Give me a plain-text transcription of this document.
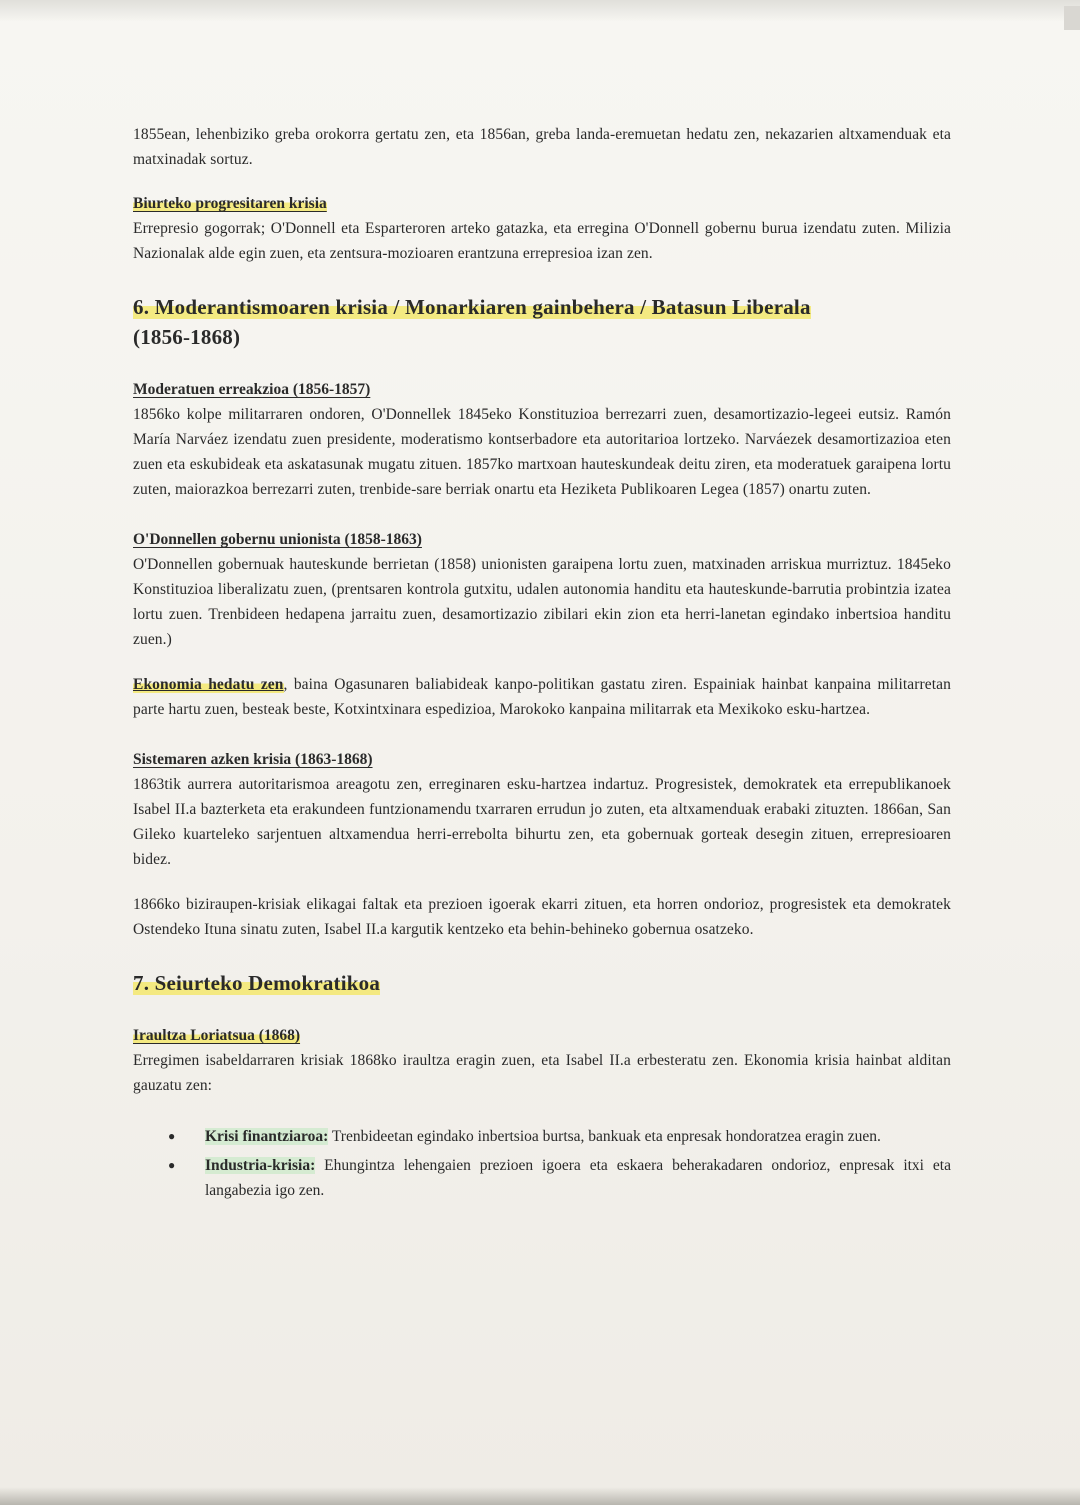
1855ean, lehenbiziko greba orokorra gertatu zen, eta 1856an, greba landa-eremuetan hedatu zen, nekazarien altxamenduak eta matxinadak sortuz.

Biurteko progresitaren krisia

Errepresio gogorrak; O'Donnell eta Esparteroren arteko gatazka, eta erregina O'Donnell gobernu burua izendatu zuten. Milizia Nazionalak alde egin zuen, eta zentsura-mozioaren erantzuna errepresioa izan zen.

6. Moderantismoaren krisia / Monarkiaren gainbehera / Batasun Liberala
(1856-1868)
Moderatuen erreakzioa (1856-1857)

1856ko kolpe militarraren ondoren, O'Donnellek 1845eko Konstituzioa berrezarri zuen, desamortizazio-legeei eutsiz. Ramón María Narváez izendatu zuen presidente, moderatismo kontserbadore eta autoritarioa lortzeko. Narváezek desamortizazioa eten zuen eta eskubideak eta askatasunak mugatu zituen. 1857ko martxoan hauteskundeak deitu ziren, eta moderatuek garaipena lortu zuten, maiorazkoa berrezarri zuten, trenbide-sare berriak onartu eta Heziketa Publikoaren Legea (1857) onartu zuten.

O'Donnellen gobernu unionista (1858-1863)

O'Donnellen gobernuak hauteskunde berrietan (1858) unionisten garaipena lortu zuen, matxinaden arriskua murriztuz. 1845eko Konstituzioa liberalizatu zuen, (prentsaren kontrola gutxitu, udalen autonomia handitu eta hauteskunde-barrutia probintzia izatea lortu zuen. Trenbideen hedapena jarraitu zuen, desamortizazio zibilari ekin zion eta herri-lanetan egindako inbertsioa handitu zuen.)

Ekonomia hedatu zen, baina Ogasunaren baliabideak kanpo-politikan gastatu ziren. Espainiak hainbat kanpaina militarretan parte hartu zuen, besteak beste, Kotxintxinara espedizioa, Marokoko kanpaina militarrak eta Mexikoko esku-hartzea.

Sistemaren azken krisia (1863-1868)

1863tik aurrera autoritarismoa areagotu zen, erreginaren esku-hartzea indartuz. Progresistek, demokratek eta errepublikanoek Isabel II.a bazterketa eta erakundeen funtzionamendu txarraren errudun jo zuten, eta altxamenduak erabaki zituzten. 1866an, San Gileko kuarteleko sarjentuen altxamendua herri-errebolta bihurtu zen, eta gobernuak gorteak desegin zituen, errepresioaren bidez.

1866ko biziraupen-krisiak elikagai faltak eta prezioen igoerak ekarri zituen, eta horren ondorioz, progresistek eta demokratek Ostendeko Ituna sinatu zuten, Isabel II.a kargutik kentzeko eta behin-behineko gobernua osatzeko.

7. Seiurteko Demokratikoa
Iraultza Loriatsua (1868)

Erregimen isabeldarraren krisiak 1868ko iraultza eragin zuen, eta Isabel II.a erbesteratu zen. Ekonomia krisia hainbat alditan gauzatu zen:

● Krisi finantziaroa: Trenbideetan egindako inbertsioa burtsa, bankuak eta enpresak hondoratzea eragin zuen.
● Industria-krisia: Ehungintza lehengaien prezioen igoera eta eskaera beherakadaren ondorioz, enpresak itxi eta langabezia igo zen.
